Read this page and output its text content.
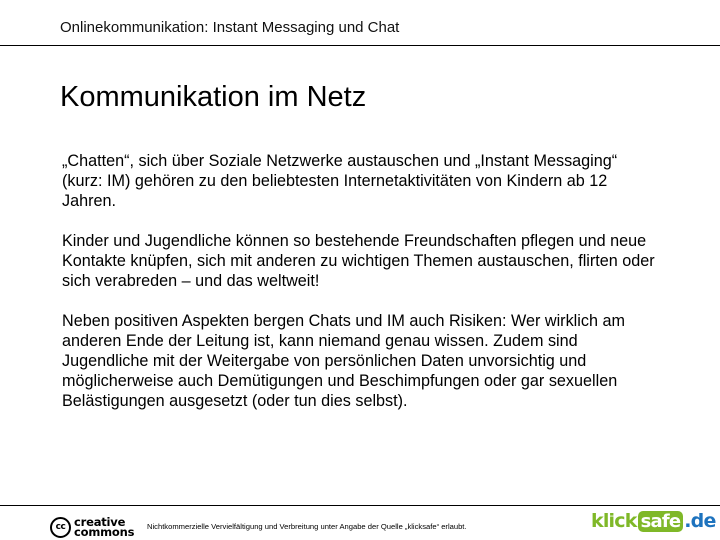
Onlinekommunikation: Instant Messaging und Chat
Kommunikation im Netz

„Chatten“, sich über Soziale Netzwerke austauschen und „Instant Messaging“ (kurz: IM) gehören zu den beliebtesten Internetaktivitäten von Kindern ab 12 Jahren.

Kinder und Jugendliche können so bestehende Freundschaften pflegen und neue Kontakte knüpfen, sich mit anderen zu wichtigen Themen austauschen, flirten oder sich verabreden – und das weltweit!

Neben positiven Aspekten bergen Chats und IM auch Risiken: Wer wirklich am anderen Ende der Leitung ist, kann niemand genau wissen. Zudem sind Jugendliche mit der Weitergabe von persönlichen Daten unvorsichtig und möglicherweise auch Demütigungen und Beschimpfungen oder gar sexuellen Belästigungen ausgesetzt (oder tun dies selbst).

cc creative
commons Nichtkommerzielle Vervielfältigung und Verbreitung unter Angabe der Quelle „klicksafe“ erlaubt.	klick safe .de
